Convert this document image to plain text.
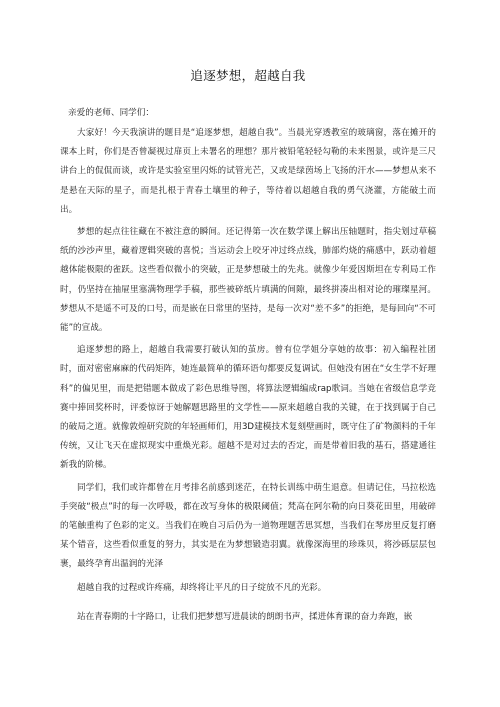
追逐梦想，超越自我
亲爱的老师、同学们：

大家好！今天我演讲的题目是“追逐梦想，超越自我”。当晨光穿透教室的玻璃窗，落在摊开的课本上时，你们是否曾凝视过扉页上未署名的理想？那片被铅笔轻轻勾勒的未来图景，或许是三尺讲台上的侃侃而谈，或许是实验室里闪烁的试管光芒，又或是绿茵场上飞扬的汗水——梦想从来不是悬在天际的星子，而是扎根于青春土壤里的种子，等待着以超越自我的勇气浇灌，方能破土而出。

梦想的起点往往藏在不被注意的瞬间。还记得第一次在数学课上解出压轴题时，指尖划过草稿纸的沙沙声里，藏着逻辑突破的喜悦；当运动会上咬牙冲过终点线，肺部灼烧的痛感中，跃动着超越体能极限的雀跃。这些看似微小的突破，正是梦想破土的先兆。就像少年爱因斯坦在专利局工作时，仍坚持在抽屉里塞满物理学手稿，那些被碎纸片填满的间隙，最终拼凑出相对论的璀璨星河。梦想从不是遥不可及的口号，而是嵌在日常里的坚持，是每一次对“差不多”的拒绝，是每回向“不可能”的宣战。

追逐梦想的路上，超越自我需要打破认知的茧房。曾有位学姐分享她的故事：初入编程社团时，面对密密麻麻的代码矩阵，她连最简单的循环语句都要反复调试。但她没有困在“女生学不好理科”的偏见里，而是把错题本做成了彩色思维导图，将算法逻辑编成rap歌词。当她在省级信息学竞赛中捧回奖杯时，评委惊讶于她解题思路里的文学性——原来超越自我的关键，在于找到属于自己的破局之道。就像敦煌研究院的年轻画师们，用3D建模技术复刻壁画时，既守住了矿物颜料的千年传统，又让飞天在虚拟现实中重焕光彩。超越不是对过去的否定，而是带着旧我的基石，搭建通往新我的阶梯。

同学们，我们或许都曾在月考排名前感到迷茫，在特长训练中萌生退意。但请记住，马拉松选手突破“极点”时的每一次呼吸，都在改写身体的极限阈值；梵高在阿尔勒的向日葵花田里，用破碎的笔触重构了色彩的定义。当我们在晚自习后仍为一道物理题苦思冥想，当我们在琴房里反复打磨某个错音，这些看似重复的努力，其实是在为梦想锻造羽翼。就像深海里的珍珠贝，将沙砾层层包裹，最终孕育出温润的光泽

超越自我的过程或许疼痛，却终将让平凡的日子绽放不凡的光彩。

站在青春期的十字路口，让我们把梦想写进晨读的朗朗书声，揉进体育课的奋力奔跑，嵌
